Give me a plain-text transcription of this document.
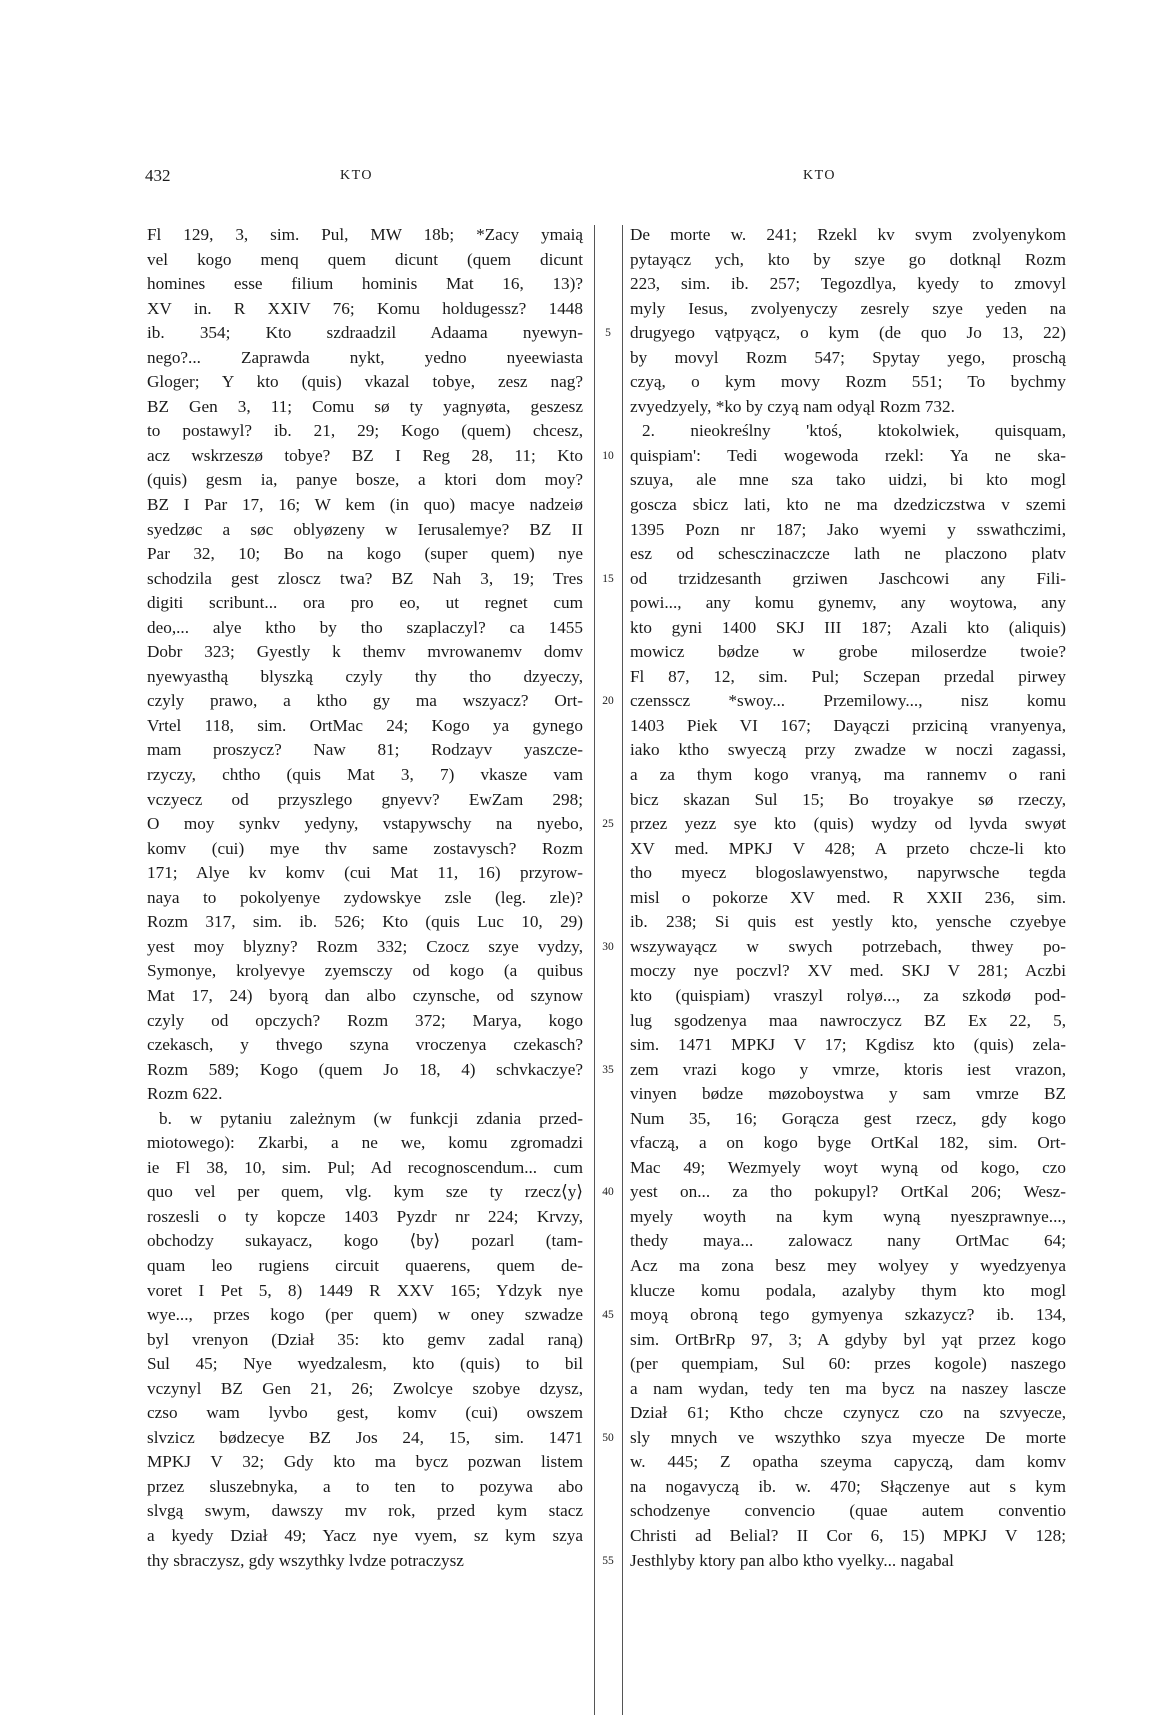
432	KTO	KTO
Fl 129, 3, sim. Pul, MW 18b; *Zacy ymaią
vel kogo menq quem dicunt (quem dicunt
homines esse filium hominis Mat 16, 13)?
XV in. R XXIV 76; Komu holdugessz? 1448
ib. 354; Kto szdraadzil Adaama nyewyn-
nego?... Zaprawda nykt, yedno nyeewiasta
Gloger; Y kto (quis) vkazal tobye, zesz nag?
BZ Gen 3, 11; Comu sø ty yagnyøta, geszesz
to postawyl? ib. 21, 29; Kogo (quem) chcesz,
acz wskrzeszø tobye? BZ I Reg 28, 11; Kto
(quis) gesm ia, panye bosze, a ktori dom moy?
BZ I Par 17, 16; W kem (in quo) macye nadzeiø
syedzøc a søc oblyøzeny w Ierusalemye? BZ II
Par 32, 10; Bo na kogo (super quem) nye
schodzila gest zloscz twa? BZ Nah 3, 19; Tres
digiti scribunt... ora pro eo, ut regnet cum
deo,... alye ktho by tho szaplaczyl? ca 1455
Dobr 323; Gyestly k themv mvrowanemv domv
nyewyasthą blyszką czyly thy tho dzyeczy,
czyly prawo, a ktho gy ma wszyacz? Ort-
Vrtel 118, sim. OrtMac 24; Kogo ya gynego
mam proszycz? Naw 81; Rodzayv yaszcze-
rzyczy, chtho (quis Mat 3, 7) vkasze vam
vczyecz od przyszlego gnyevv? EwZam 298;
O moy synkv yedyny, vstapywschy na nyebo,
komv (cui) mye thv same zostavysch? Rozm
171; Alye kv komv (cui Mat 11, 16) przyrow-
naya to pokolyenye zydowskye zsle (leg. zle)?
Rozm 317, sim. ib. 526; Kto (quis Luc 10, 29)
yest moy blyzny? Rozm 332; Czocz szye vydzy,
Symonye, krolyevye zyemsczy od kogo (a quibus
Mat 17, 24) byorą dan albo czynsche, od szynow
czyly od opczych? Rozm 372; Marya, kogo
czekasch, y thvego szyna vroczenya czekasch?
Rozm 589; Kogo (quem Jo 18, 4) schvkaczye?
Rozm 622.
b. w pytaniu zależnym (w funkcji zdania przed-
miotowego): Zkarbi, a ne we, komu zgromadzi
ie Fl 38, 10, sim. Pul; Ad recognoscendum... cum
quo vel per quem, vlg. kym sze ty rzecz⟨y⟩
roszesli o ty kopcze 1403 Pyzdr nr 224; Krvzy,
obchodzy sukayacz, kogo ⟨by⟩ pozarl (tam-
quam leo rugiens circuit quaerens, quem de-
voret I Pet 5, 8) 1449 R XXV 165; Ydzyk nye
wye..., przes kogo (per quem) w oney szwadze
byl vrenyon (Dział 35: kto gemv zadal raną)
Sul 45; Nye wyedzalesm, kto (quis) to bil
vczynyl BZ Gen 21, 26; Zwolcye szobye dzysz,
czso wam lyvbo gest, komv (cui) owszem
slvzicz bødzecye BZ Jos 24, 15, sim. 1471
MPKJ V 32; Gdy kto ma bycz pozwan listem
przez sluszebnyka, a to ten to pozywa abo
slvgą swym, dawszy mv rok, przed kym stacz
a kyedy Dział 49; Yacz nye vyem, sz kym szya
thy sbraczysz, gdy wszythky lvdze potraczysz
5
10
15
20
25
30
35
40
45
50
55
De morte w. 241; Rzekl kv svym zvolyenykom
pytayącz ych, kto by szye go dotknąl Rozm
223, sim. ib. 257; Tegozdlya, kyedy to zmovyl
myly Iesus, zvolyenyczy zesrely szye yeden na
drugyego vątpyącz, o kym (de quo Jo 13, 22)
by movyl Rozm 547; Spytay yego, proschą
czyą, o kym movy Rozm 551; To bychmy
zvyedzyely, *ko by czyą nam odyąl Rozm 732.
2. nieokreślny 'ktoś, ktokolwiek, quisquam,
quispiam': Tedi wogewoda rzekl: Ya ne ska-
szuya, ale mne sza tako uidzi, bi kto mogl
goscza sbicz lati, kto ne ma dzedziczstwa v szemi
1395 Pozn nr 187; Jako wyemi y sswathczimi,
esz od schesczinaczcze lath ne placzono platv
od trzidzesanth grziwen Jaschcowi any Fili-
powi..., any komu gynemv, any woytowa, any
kto gyni 1400 SKJ III 187; Azali kto (aliquis)
mowicz bødze w grobe miloserdze twoie?
Fl 87, 12, sim. Pul; Sczepan przedal pirwey
czensscz *swoy... Przemilowy..., nisz komu
1403 Piek VI 167; Dayączi prziciną vranyenya,
iako ktho swyeczą przy zwadze w noczi zagassi,
a za thym kogo vranyą, ma rannemv o rani
bicz skazan Sul 15; Bo troyakye sø rzeczy,
przez yezz sye kto (quis) wydzy od lyvda swyøt
XV med. MPKJ V 428; A przeto chcze-li kto
tho myecz blogoslawyenstwo, napyrwsche tegda
misl o pokorze XV med. R XXII 236, sim.
ib. 238; Si quis est yestly kto, yensche czyebye
wszywayącz w swych potrzebach, thwey po-
moczy nye poczvl? XV med. SKJ V 281; Aczbi
kto (quispiam) vraszyl rolyø..., za szkodø pod-
lug sgodzenya maa nawroczycz BZ Ex 22, 5,
sim. 1471 MPKJ V 17; Kgdisz kto (quis) zela-
zem vrazi kogo y vmrze, ktoris iest vrazon,
vinyen bødze møzoboystwa y sam vmrze BZ
Num 35, 16; Gorącza gest rzecz, gdy kogo
vfaczą, a on kogo byge OrtKal 182, sim. Ort-
Mac 49; Wezmyely woyt wyną od kogo, czo
yest on... za tho pokupyl? OrtKal 206; Wesz-
myely woyth na kym wyną nyeszprawnye...,
thedy maya... zalowacz nany OrtMac 64;
Acz ma zona besz mey wolyey y wyedzyenya
klucze komu podala, azalyby thym kto mogl
moyą obroną tego gymyenya szkazycz? ib. 134,
sim. OrtBrRp 97, 3; A gdyby byl yąt przez kogo
(per quempiam, Sul 60: przes kogole) naszego
a nam wydan, tedy ten ma bycz na naszey lascze
Dział 61; Ktho chcze czynycz czo na szvyecze,
sly mnych ve wszythko szya myecze De morte
w. 445; Z opatha szeyma capyczą, dam komv
na nogavyczą ib. w. 470; Słączenye aut s kym
schodzenye convencio (quae autem conventio
Christi ad Belial? II Cor 6, 15) MPKJ V 128;
Jesthlyby ktory pan albo ktho vyelky... nagabal
